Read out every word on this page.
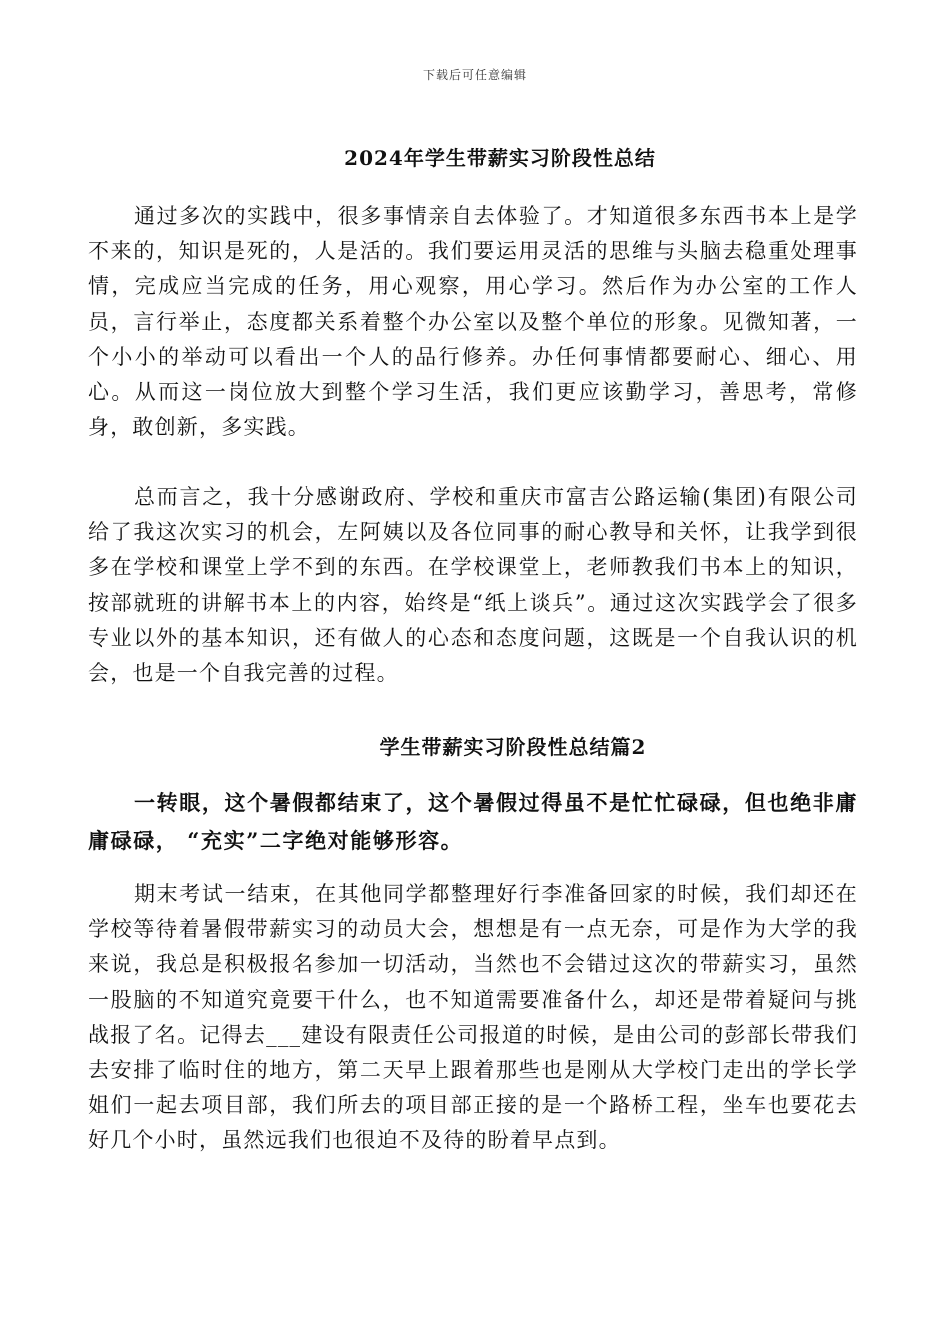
下载后可任意编辑
2024年学生带薪实习阶段性总结

通过多次的实践中，很多事情亲自去体验了。才知道很多东西书本上是学不来的，知识是死的，人是活的。我们要运用灵活的思维与头脑去稳重处理事情，完成应当完成的任务，用心观察，用心学习。然后作为办公室的工作人员，言行举止，态度都关系着整个办公室以及整个单位的形象。见微知著，一个小小的举动可以看出一个人的品行修养。办任何事情都要耐心、细心、用心。从而这一岗位放大到整个学习生活，我们更应该勤学习，善思考，常修身，敢创新，多实践。

总而言之，我十分感谢政府、学校和重庆市富吉公路运输(集团)有限公司给了我这次实习的机会，左阿姨以及各位同事的耐心教导和关怀，让我学到很多在学校和课堂上学不到的东西。在学校课堂上，老师教我们书本上的知识，按部就班的讲解书本上的内容，始终是“纸上谈兵”。通过这次实践学会了很多专业以外的基本知识，还有做人的心态和态度问题，这既是一个自我认识的机会，也是一个自我完善的过程。

学生带薪实习阶段性总结篇2

一转眼，这个暑假都结束了，这个暑假过得虽不是忙忙碌碌，但也绝非庸庸碌碌， “充实”二字绝对能够形容。

期末考试一结束，在其他同学都整理好行李准备回家的时候，我们却还在学校等待着暑假带薪实习的动员大会，想想是有一点无奈，可是作为大学的我来说，我总是积极报名参加一切活动，当然也不会错过这次的带薪实习，虽然一股脑的不知道究竟要干什么，也不知道需要准备什么，却还是带着疑问与挑战报了名。记得去___建设有限责任公司报道的时候，是由公司的彭部长带我们去安排了临时住的地方，第二天早上跟着那些也是刚从大学校门走出的学长学姐们一起去项目部，我们所去的项目部正接的是一个路桥工程，坐车也要花去好几个小时，虽然远我们也很迫不及待的盼着早点到。
